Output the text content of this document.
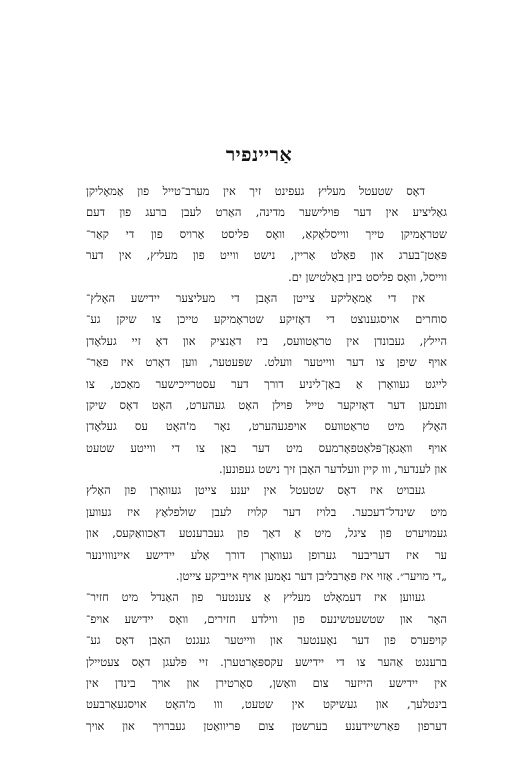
אַריינפיר
דאָס שטעטל מעליץ געפינט זיך אין מערב־טייל פון אַמאָליקן
גאַליציע אין דער פּוילישער מדינה, האַרט לעבן ברעג פון דעם
שטראָמיקן טייך ווייסלאָקאַ, וואָס פליסט אַרויס פון די קאַר־
פּאַטן־בערג און פאַלט אַריין, נישט ווייט פון מעליץ, אין דער
ווייסל, וואָס פליסט ביזן באַלטישן ים.
אין די אַמאָליקע צייטן האָבן די מעליצער יידישע האָלץ־
סוחרים אויסגענוצט די דאָזיקע שטראָמיקע טייכן צו שיקן גע־
היילץ, געבונדן אין טראַטוועס, ביז דאַנציק און דאָ זיי געלאָדן
אויף שיפן צו דער ווייטער וועלט. שפּעטער, ווען דאָרט איז פאַר־
לייגט געוואָרן אַ באַן־ליניע דורך דער עסטרייכישער מאַכט, צו
וועמען דער דאָזיקער טייל פּוילן האָט געהערט, האָט דאָס שיקן
האָלץ מיט טראַטוועס אויפגעהערט, נאָר מ'האָט עס געלאָדן
אויף וואַגאָן־פּלאַטפאָרמעס מיט דער באַן צו די ווייטע שטעט
און לענדער, ווו קיין וועלדער האָבן זיך נישט געפונען.
געבויט איז דאָס שטעטל אין יענע צייטן געוואָרן פון האָלץ
מיט שינדל־דעכער. בלויז דער קלויז לעבן שולפלאַץ איז געווען
געמויערט פון ציגל, מיט אַ דאַך פון געברענטע דאַכוואַקעס, און
ער איז דעריבער גערופן געוואָרן דורך אַלע יידישע איינוווינער
„די מויער״. אַזוי איז פאַרבליבן דער נאָמען אויף אייביקע צייטן.
געווען איז דעמאָלט מעליץ אַ צענטער פון האַנדל מיט חזיר־
האָר און שטשעטשינעס פון ווילדע חזירים, וואָס יידישע אויפ־
קויפערס פון דער נאָענטער און ווייטער געגנט האָבן דאָס גע־
ברענגט אַהער צו די יידישע עקספּאָרטערן. זיי פלעגן דאָס צעטיילן
אין יידישע הייזער צום וואַשן, סאָרטירן און אויך בינדן אין
בינטלעך, און געשיקט אין שטעט, ווו מ'האָט אויסגעאַרבעט
דערפון פאַרשיידענע בערשטן צום פּריוואַטן געברויך און אויך
